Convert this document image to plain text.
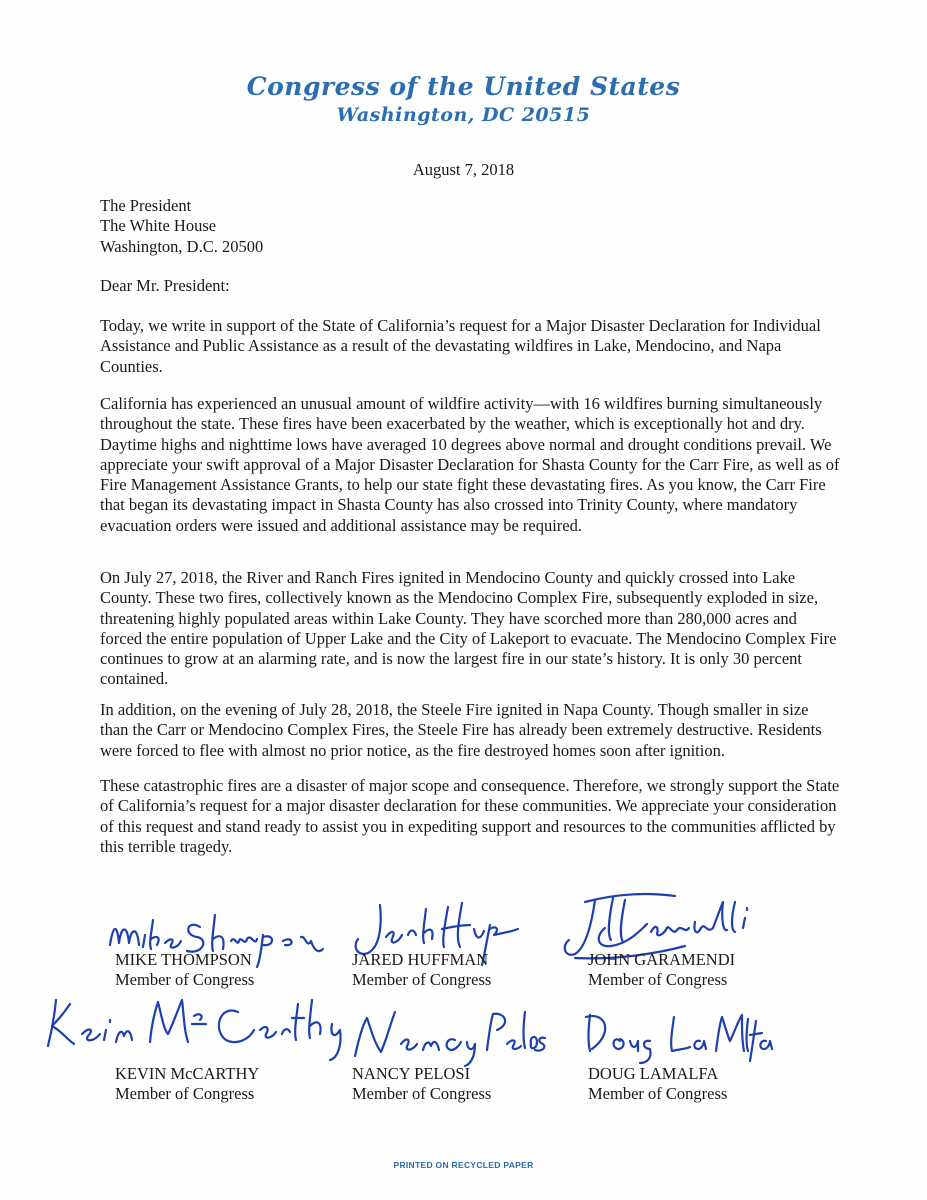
Congress of the United States
Washington, DC 20515
August 7, 2018
The President
The White House
Washington, D.C. 20500
Dear Mr. President:
Today, we write in support of the State of California’s request for a Major Disaster Declaration for Individual Assistance and Public Assistance as a result of the devastating wildfires in Lake, Mendocino, and Napa Counties.
California has experienced an unusual amount of wildfire activity—with 16 wildfires burning simultaneously throughout the state. These fires have been exacerbated by the weather, which is exceptionally hot and dry. Daytime highs and nighttime lows have averaged 10 degrees above normal and drought conditions prevail. We appreciate your swift approval of a Major Disaster Declaration for Shasta County for the Carr Fire, as well as of Fire Management Assistance Grants, to help our state fight these devastating fires. As you know, the Carr Fire that began its devastating impact in Shasta County has also crossed into Trinity County, where mandatory evacuation orders were issued and additional assistance may be required.
On July 27, 2018, the River and Ranch Fires ignited in Mendocino County and quickly crossed into Lake County. These two fires, collectively known as the Mendocino Complex Fire, subsequently exploded in size, threatening highly populated areas within Lake County. They have scorched more than 280,000 acres and forced the entire population of Upper Lake and the City of Lakeport to evacuate. The Mendocino Complex Fire continues to grow at an alarming rate, and is now the largest fire in our state’s history. It is only 30 percent contained.
In addition, on the evening of July 28, 2018, the Steele Fire ignited in Napa County. Though smaller in size than the Carr or Mendocino Complex Fires, the Steele Fire has already been extremely destructive. Residents were forced to flee with almost no prior notice, as the fire destroyed homes soon after ignition.
These catastrophic fires are a disaster of major scope and consequence. Therefore, we strongly support the State of California’s request for a major disaster declaration for these communities. We appreciate your consideration of this request and stand ready to assist you in expediting support and resources to the communities afflicted by this terrible tragedy.
MIKE THOMPSON
Member of Congress
JARED HUFFMAN
Member of Congress
JOHN GARAMENDI
Member of Congress
KEVIN McCARTHY
Member of Congress
NANCY PELOSI
Member of Congress
DOUG LAMALFA
Member of Congress
PRINTED ON RECYCLED PAPER
